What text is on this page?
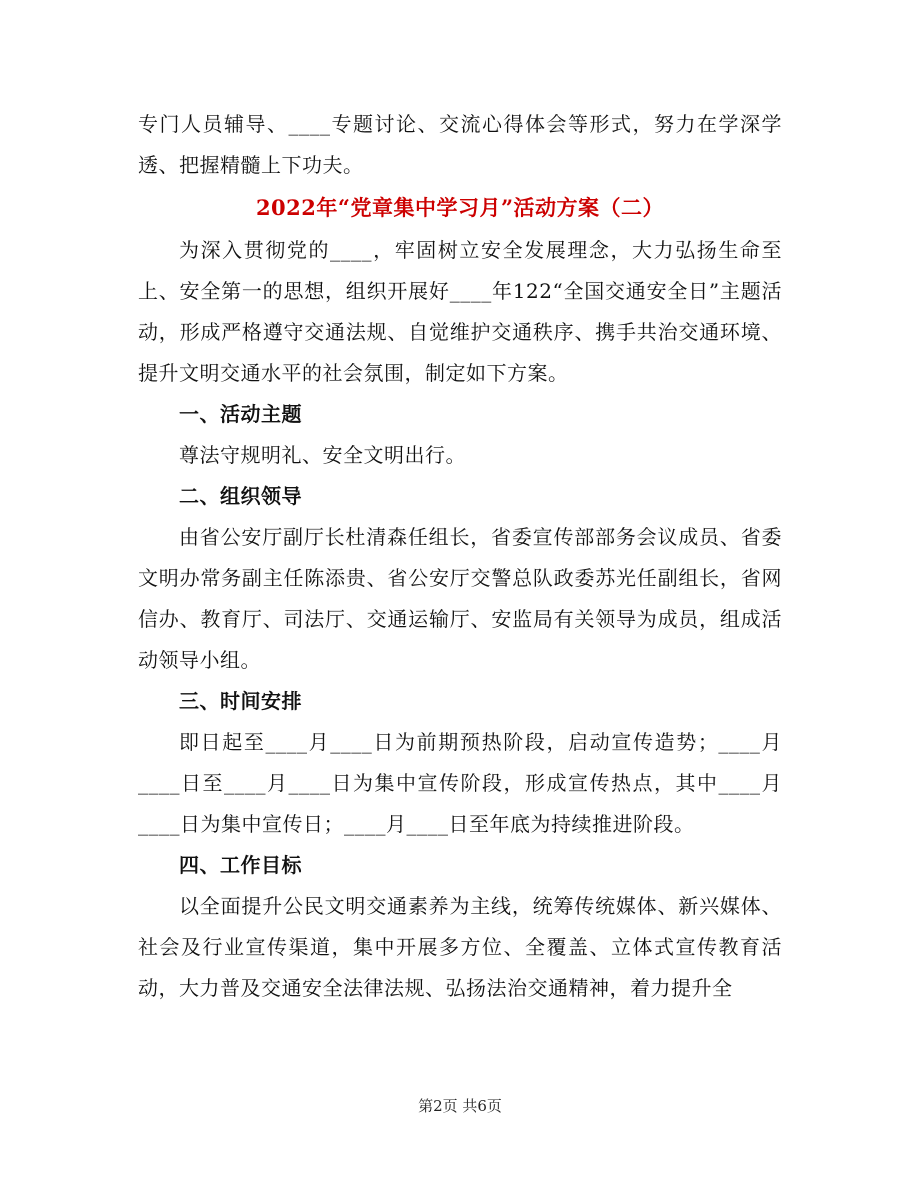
专门人员辅导、____专题讨论、交流心得体会等形式，努力在学深学透、把握精髓上下功夫。

2022年“党章集中学习月”活动方案（二）

为深入贯彻党的____，牢固树立安全发展理念，大力弘扬生命至上、安全第一的思想，组织开展好____年122“全国交通安全日”主题活动，形成严格遵守交通法规、自觉维护交通秩序、携手共治交通环境、提升文明交通水平的社会氛围，制定如下方案。

一、活动主题

尊法守规明礼、安全文明出行。

二、组织领导

由省公安厅副厅长杜清森任组长，省委宣传部部务会议成员、省委文明办常务副主任陈添贵、省公安厅交警总队政委苏光任副组长，省网信办、教育厅、司法厅、交通运输厅、安监局有关领导为成员，组成活动领导小组。

三、时间安排

即日起至____月____日为前期预热阶段，启动宣传造势；____月____日至____月____日为集中宣传阶段，形成宣传热点，其中____月____日为集中宣传日；____月____日至年底为持续推进阶段。

四、工作目标

以全面提升公民文明交通素养为主线，统筹传统媒体、新兴媒体、社会及行业宣传渠道，集中开展多方位、全覆盖、立体式宣传教育活动，大力普及交通安全法律法规、弘扬法治交通精神，着力提升全

第2页 共6页
